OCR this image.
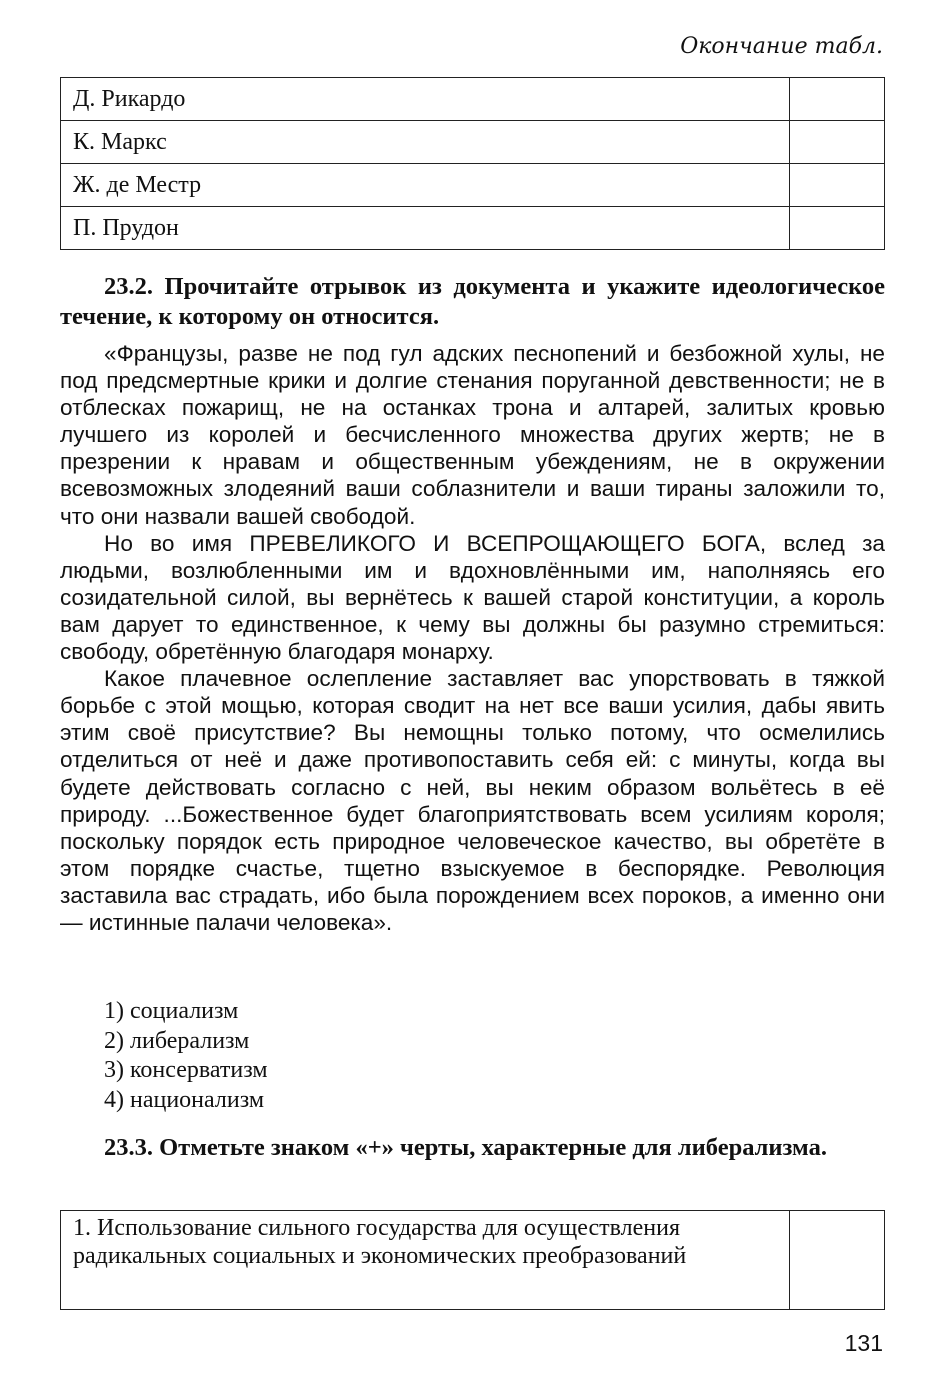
Окончание табл.
Д. Рикардо	
К. Маркс	
Ж. де Местр	
П. Прудон	
23.2. Прочитайте отрывок из документа и укажите идеологическое течение, к которому он относится.

«Французы, разве не под гул адских песнопений и безбожной хулы, не под предсмертные крики и долгие стенания поруганной девственности; не в отблесках пожарищ, не на останках трона и алтарей, залитых кровью лучшего из королей и бесчисленного множества других жертв; не в презрении к нравам и общественным убеждениям, не в окружении всевозможных злодеяний ваши соблазнители и ваши тираны заложили то, что они назвали вашей свободой.

Но во имя ПРЕВЕЛИКОГО И ВСЕПРОЩАЮЩЕГО БОГА, вслед за людьми, возлюбленными им и вдохновлёнными им, наполняясь его созидательной силой, вы вернётесь к вашей старой конституции, а король вам дарует то единственное, к чему вы должны бы разумно стремиться: свободу, обретённую благодаря монарху.

Какое плачевное ослепление заставляет вас упорствовать в тяжкой борьбе с этой мощью, которая сводит на нет все ваши усилия, дабы явить этим своё присутствие? Вы немощны только потому, что осмелились отделиться от неё и даже противопоставить себя ей: с минуты, когда вы будете действовать согласно с ней, вы неким образом вольётесь в её природу. ...Божественное будет благоприятствовать всем усилиям короля; поскольку порядок есть природное человеческое качество, вы обретёте в этом порядке счастье, тщетно взыскуемое в беспорядке. Революция заставила вас страдать, ибо была порождением всех пороков, а именно они — истинные палачи человека».

1) социализм
2) либерализм
3) консерватизм
4) национализм
23.3. Отметьте знаком «+» черты, характерные для либерализма.
1. Использование сильного государства для осуществления радикальных социальных и экономических преобразований	
131
